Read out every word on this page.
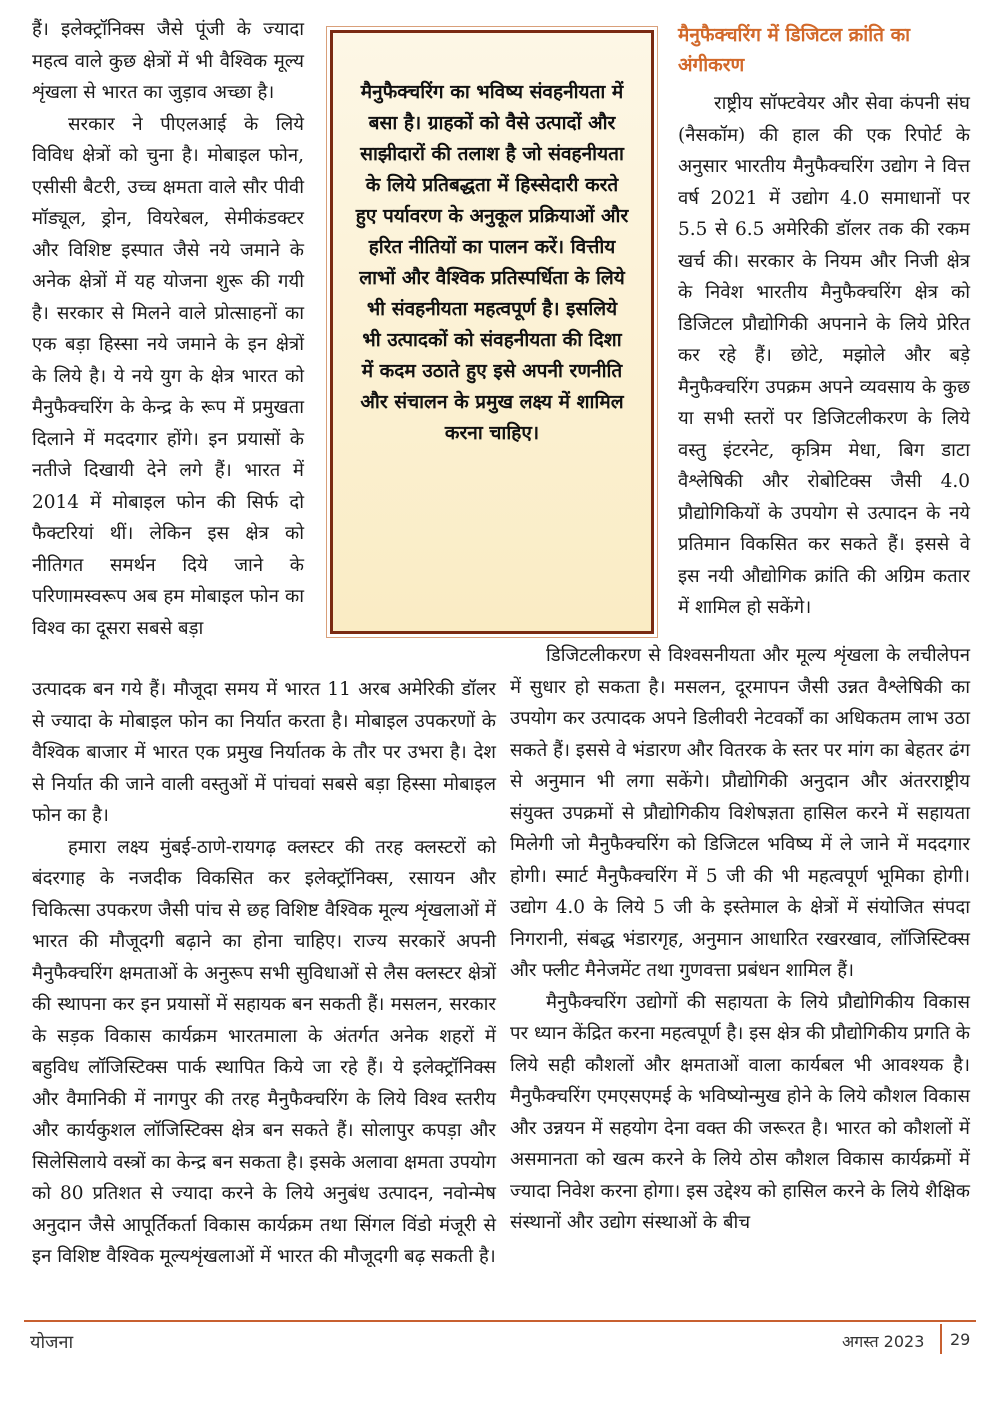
हैं। इलेक्ट्रॉनिक्स जैसे पूंजी के ज्यादा महत्व वाले कुछ क्षेत्रों में भी वैश्विक मूल्य शृंखला से भारत का जुड़ाव अच्छा है।

सरकार ने पीएलआई के लिये विविध क्षेत्रों को चुना है। मोबाइल फोन, एसीसी बैटरी, उच्च क्षमता वाले सौर पीवी मॉड्यूल, ड्रोन, वियरेबल, सेमीकंडक्टर और विशिष्ट इस्पात जैसे नये जमाने के अनेक क्षेत्रों में यह योजना शुरू की गयी है। सरकार से मिलने वाले प्रोत्साहनों का एक बड़ा हिस्सा नये जमाने के इन क्षेत्रों के लिये है। ये नये युग के क्षेत्र भारत को मैनुफैक्चरिंग के केन्द्र के रूप में प्रमुखता दिलाने में मददगार होंगे। इन प्रयासों के नतीजे दिखायी देने लगे हैं। भारत में 2014 में मोबाइल फोन की सिर्फ दो फैक्टरियां थीं। लेकिन इस क्षेत्र को नीतिगत समर्थन दिये जाने के परिणामस्वरूप अब हम मोबाइल फोन का विश्व का दूसरा सबसे बड़ा

मैनुफैक्चरिंग का भविष्य संवहनीयता में बसा है। ग्राहकों को वैसे उत्पादों और साझीदारों की तलाश है जो संवहनीयता के लिये प्रतिबद्धता में हिस्सेदारी करते हुए पर्यावरण के अनुकूल प्रक्रियाओं और हरित नीतियों का पालन करें। वित्तीय लाभों और वैश्विक प्रतिस्पर्धिता के लिये भी संवहनीयता महत्वपूर्ण है। इसलिये भी उत्पादकों को संवहनीयता की दिशा में कदम उठाते हुए इसे अपनी रणनीति और संचालन के प्रमुख लक्ष्य में शामिल करना चाहिए।

मैनुफैक्चरिंग में डिजिटल क्रांति का अंगीकरण

राष्ट्रीय सॉफ्टवेयर और सेवा कंपनी संघ (नैसकॉम) की हाल की एक रिपोर्ट के अनुसार भारतीय मैनुफैक्चरिंग उद्योग ने वित्त वर्ष 2021 में उद्योग 4.0 समाधानों पर 5.5 से 6.5 अमेरिकी डॉलर तक की रकम खर्च की। सरकार के नियम और निजी क्षेत्र के निवेश भारतीय मैनुफैक्चरिंग क्षेत्र को डिजिटल प्रौद्योगिकी अपनाने के लिये प्रेरित कर रहे हैं। छोटे, मझोले और बड़े मैनुफैक्चरिंग उपक्रम अपने व्यवसाय के कुछ या सभी स्तरों पर डिजिटलीकरण के लिये वस्तु इंटरनेट, कृत्रिम मेधा, बिग डाटा वैश्लेषिकी और रोबोटिक्स जैसी 4.0 प्रौद्योगिकियों के उपयोग से उत्पादन के नये प्रतिमान विकसित कर सकते हैं। इससे वे इस नयी औद्योगिक क्रांति की अग्रिम कतार में शामिल हो सकेंगे।

उत्पादक बन गये हैं। मौजूदा समय में भारत 11 अरब अमेरिकी डॉलर से ज्यादा के मोबाइल फोन का निर्यात करता है। मोबाइल उपकरणों के वैश्विक बाजार में भारत एक प्रमुख निर्यातक के तौर पर उभरा है। देश से निर्यात की जाने वाली वस्तुओं में पांचवां सबसे बड़ा हिस्सा मोबाइल फोन का है।

हमारा लक्ष्य मुंबई-ठाणे-रायगढ़ क्लस्टर की तरह क्लस्टरों को बंदरगाह के नजदीक विकसित कर इलेक्ट्रॉनिक्स, रसायन और चिकित्सा उपकरण जैसी पांच से छह विशिष्ट वैश्विक मूल्य शृंखलाओं में भारत की मौजूदगी बढ़ाने का होना चाहिए। राज्य सरकारें अपनी मैनुफैक्चरिंग क्षमताओं के अनुरूप सभी सुविधाओं से लैस क्लस्टर क्षेत्रों की स्थापना कर इन प्रयासों में सहायक बन सकती हैं। मसलन, सरकार के सड़क विकास कार्यक्रम भारतमाला के अंतर्गत अनेक शहरों में बहुविध लॉजिस्टिक्स पार्क स्थापित किये जा रहे हैं। ये इलेक्ट्रॉनिक्स और वैमानिकी में नागपुर की तरह मैनुफैक्चरिंग के लिये विश्व स्तरीय और कार्यकुशल लॉजिस्टिक्स क्षेत्र बन सकते हैं। सोलापुर कपड़ा और सिलेसिलाये वस्त्रों का केन्द्र बन सकता है। इसके अलावा क्षमता उपयोग को 80 प्रतिशत से ज्यादा करने के लिये अनुबंध उत्पादन, नवोन्मेष अनुदान जैसे आपूर्तिकर्ता विकास कार्यक्रम तथा सिंगल विंडो मंजूरी से इन विशिष्ट वैश्विक मूल्यशृंखलाओं में भारत की मौजूदगी बढ़ सकती है।

डिजिटलीकरण से विश्वसनीयता और मूल्य शृंखला के लचीलेपन में सुधार हो सकता है। मसलन, दूरमापन जैसी उन्नत वैश्लेषिकी का उपयोग कर उत्पादक अपने डिलीवरी नेटवर्कों का अधिकतम लाभ उठा सकते हैं। इससे वे भंडारण और वितरक के स्तर पर मांग का बेहतर ढंग से अनुमान भी लगा सकेंगे। प्रौद्योगिकी अनुदान और अंतरराष्ट्रीय संयुक्त उपक्रमों से प्रौद्योगिकीय विशेषज्ञता हासिल करने में सहायता मिलेगी जो मैनुफैक्चरिंग को डिजिटल भविष्य में ले जाने में मददगार होगी। स्मार्ट मैनुफैक्चरिंग में 5 जी की भी महत्वपूर्ण भूमिका होगी। उद्योग 4.0 के लिये 5 जी के इस्तेमाल के क्षेत्रों में संयोजित संपदा निगरानी, संबद्ध भंडारगृह, अनुमान आधारित रखरखाव, लॉजिस्टिक्स और फ्लीट मैनेजमेंट तथा गुणवत्ता प्रबंधन शामिल हैं।

मैनुफैक्चरिंग उद्योगों की सहायता के लिये प्रौद्योगिकीय विकास पर ध्यान केंद्रित करना महत्वपूर्ण है। इस क्षेत्र की प्रौद्योगिकीय प्रगति के लिये सही कौशलों और क्षमताओं वाला कार्यबल भी आवश्यक है। मैनुफैक्चरिंग एमएसएमई के भविष्योन्मुख होने के लिये कौशल विकास और उन्नयन में सहयोग देना वक्त की जरूरत है। भारत को कौशलों में असमानता को खत्म करने के लिये ठोस कौशल विकास कार्यक्रमों में ज्यादा निवेश करना होगा। इस उद्देश्य को हासिल करने के लिये शैक्षिक संस्थानों और उद्योग संस्थाओं के बीच

योजना	अगस्त 2023 29
